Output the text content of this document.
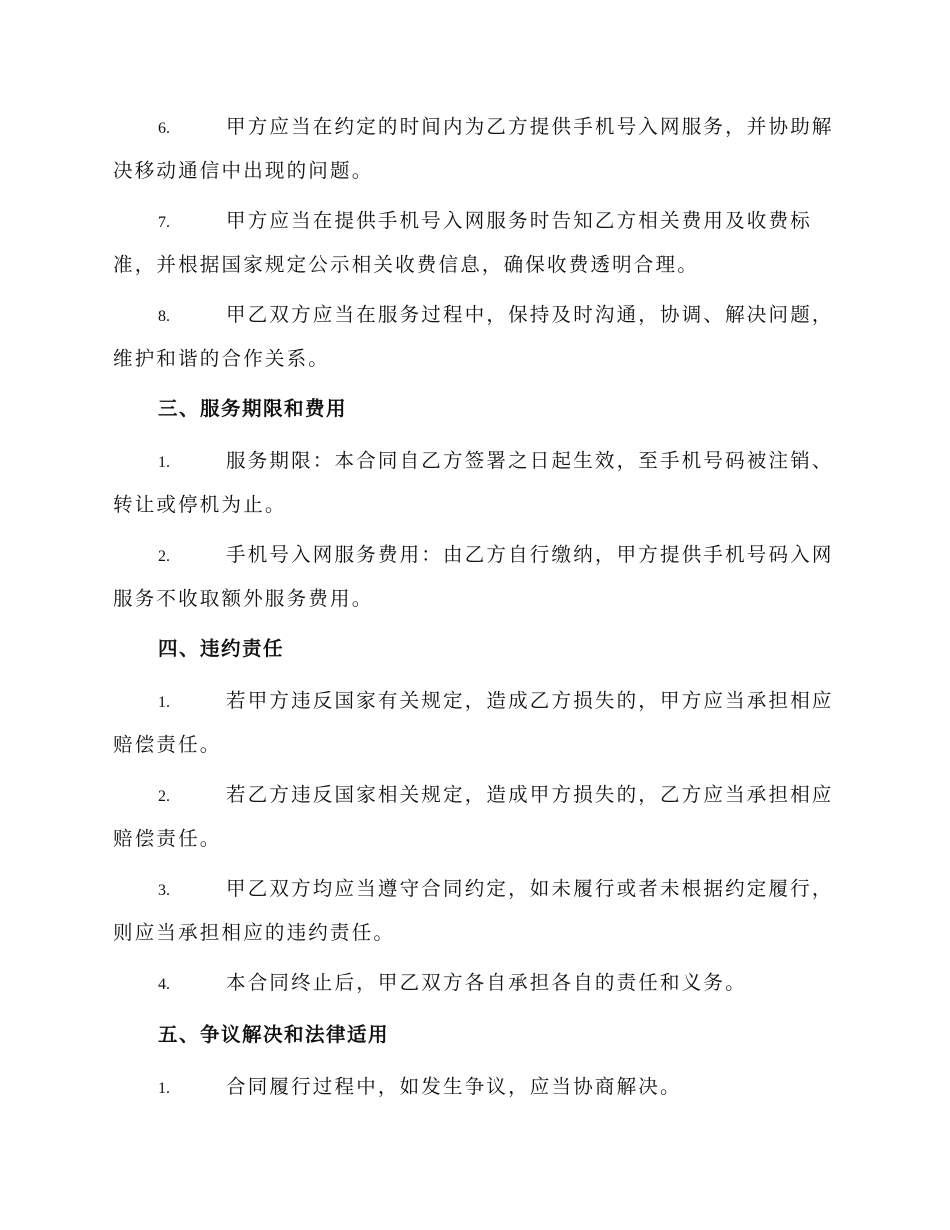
6.	甲方应当在约定的时间内为乙方提供手机号入网服务，并协助解
决移动通信中出现的问题。
7.	甲方应当在提供手机号入网服务时告知乙方相关费用及收费标
准，并根据国家规定公示相关收费信息，确保收费透明合理。
8.	甲乙双方应当在服务过程中，保持及时沟通，协调、解决问题，
维护和谐的合作关系。
三、服务期限和费用
1.	服务期限：本合同自乙方签署之日起生效，至手机号码被注销、
转让或停机为止。
2.	手机号入网服务费用：由乙方自行缴纳，甲方提供手机号码入网
服务不收取额外服务费用。
四、违约责任
1.	若甲方违反国家有关规定，造成乙方损失的，甲方应当承担相应
赔偿责任。
2.	若乙方违反国家相关规定，造成甲方损失的，乙方应当承担相应
赔偿责任。
3.	甲乙双方均应当遵守合同约定，如未履行或者未根据约定履行，
则应当承担相应的违约责任。
4.	本合同终止后，甲乙双方各自承担各自的责任和义务。
五、争议解决和法律适用
1.	合同履行过程中，如发生争议，应当协商解决。
